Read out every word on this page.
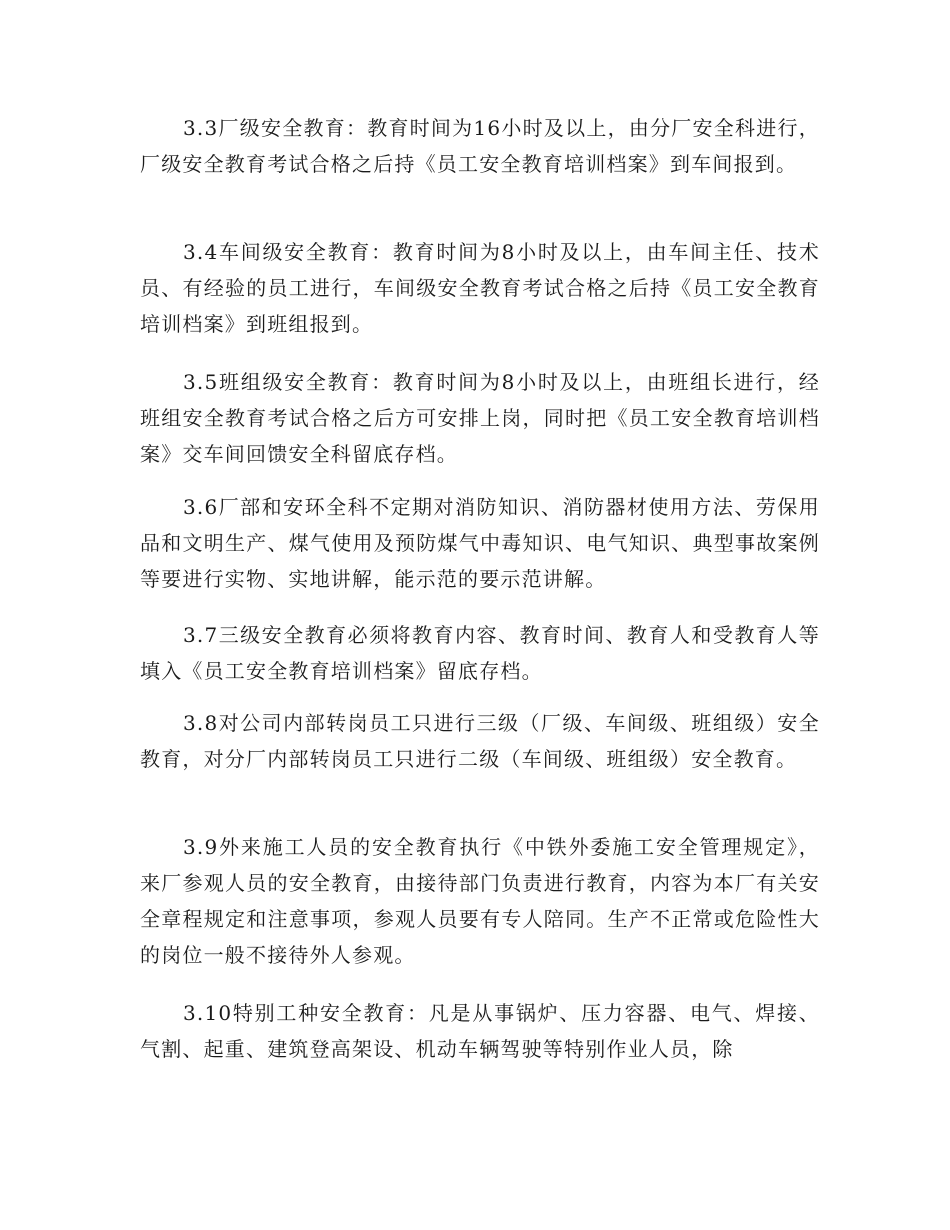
3.3厂级安全教育：教育时间为16小时及以上，由分厂安全科进行，厂级安全教育考试合格之后持《员工安全教育培训档案》到车间报到。

3.4车间级安全教育：教育时间为8小时及以上，由车间主任、技术员、有经验的员工进行，车间级安全教育考试合格之后持《员工安全教育培训档案》到班组报到。

3.5班组级安全教育：教育时间为8小时及以上，由班组长进行，经班组安全教育考试合格之后方可安排上岗，同时把《员工安全教育培训档案》交车间回馈安全科留底存档。

3.6厂部和安环全科不定期对消防知识、消防器材使用方法、劳保用品和文明生产、煤气使用及预防煤气中毒知识、电气知识、典型事故案例等要进行实物、实地讲解，能示范的要示范讲解。

3.7三级安全教育必须将教育内容、教育时间、教育人和受教育人等填入《员工安全教育培训档案》留底存档。

3.8对公司内部转岗员工只进行三级（厂级、车间级、班组级）安全教育，对分厂内部转岗员工只进行二级（车间级、班组级）安全教育。

3.9外来施工人员的安全教育执行《中铁外委施工安全管理规定》，来厂参观人员的安全教育，由接待部门负责进行教育，内容为本厂有关安全章程规定和注意事项，参观人员要有专人陪同。生产不正常或危险性大的岗位一般不接待外人参观。

3.10特别工种安全教育：凡是从事锅炉、压力容器、电气、焊接、气割、起重、建筑登高架设、机动车辆驾驶等特别作业人员，除
